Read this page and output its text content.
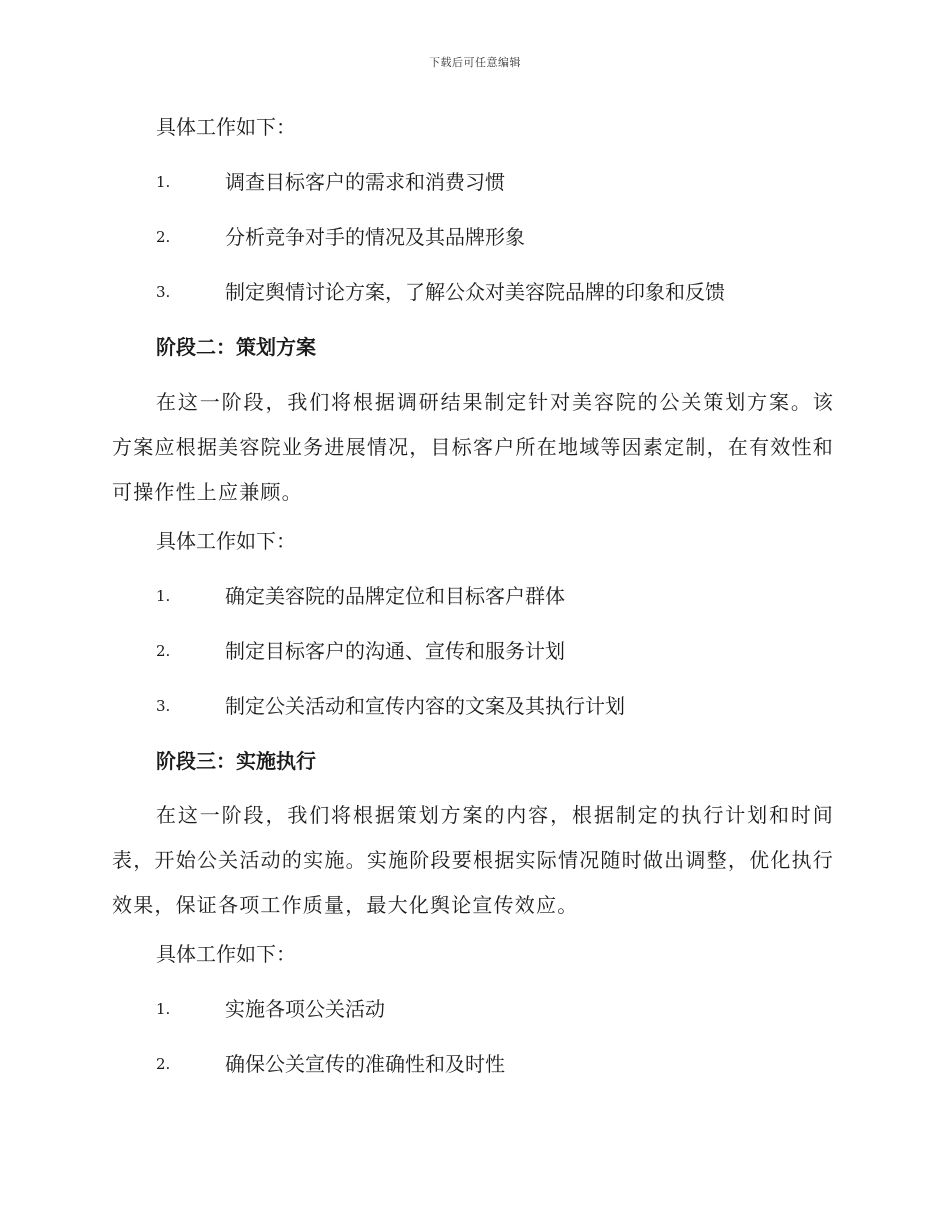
下载后可任意编辑
具体工作如下：
1.	调查目标客户的需求和消费习惯
2.	分析竞争对手的情况及其品牌形象
3.	制定舆情讨论方案，了解公众对美容院品牌的印象和反馈
阶段二：策划方案
在这一阶段，我们将根据调研结果制定针对美容院的公关策划方案。该方案应根据美容院业务进展情况，目标客户所在地域等因素定制，在有效性和可操作性上应兼顾。
具体工作如下：
1.	确定美容院的品牌定位和目标客户群体
2.	制定目标客户的沟通、宣传和服务计划
3.	制定公关活动和宣传内容的文案及其执行计划
阶段三：实施执行
在这一阶段，我们将根据策划方案的内容，根据制定的执行计划和时间表，开始公关活动的实施。实施阶段要根据实际情况随时做出调整，优化执行效果，保证各项工作质量，最大化舆论宣传效应。
具体工作如下：
1.	实施各项公关活动
2.	确保公关宣传的准确性和及时性
